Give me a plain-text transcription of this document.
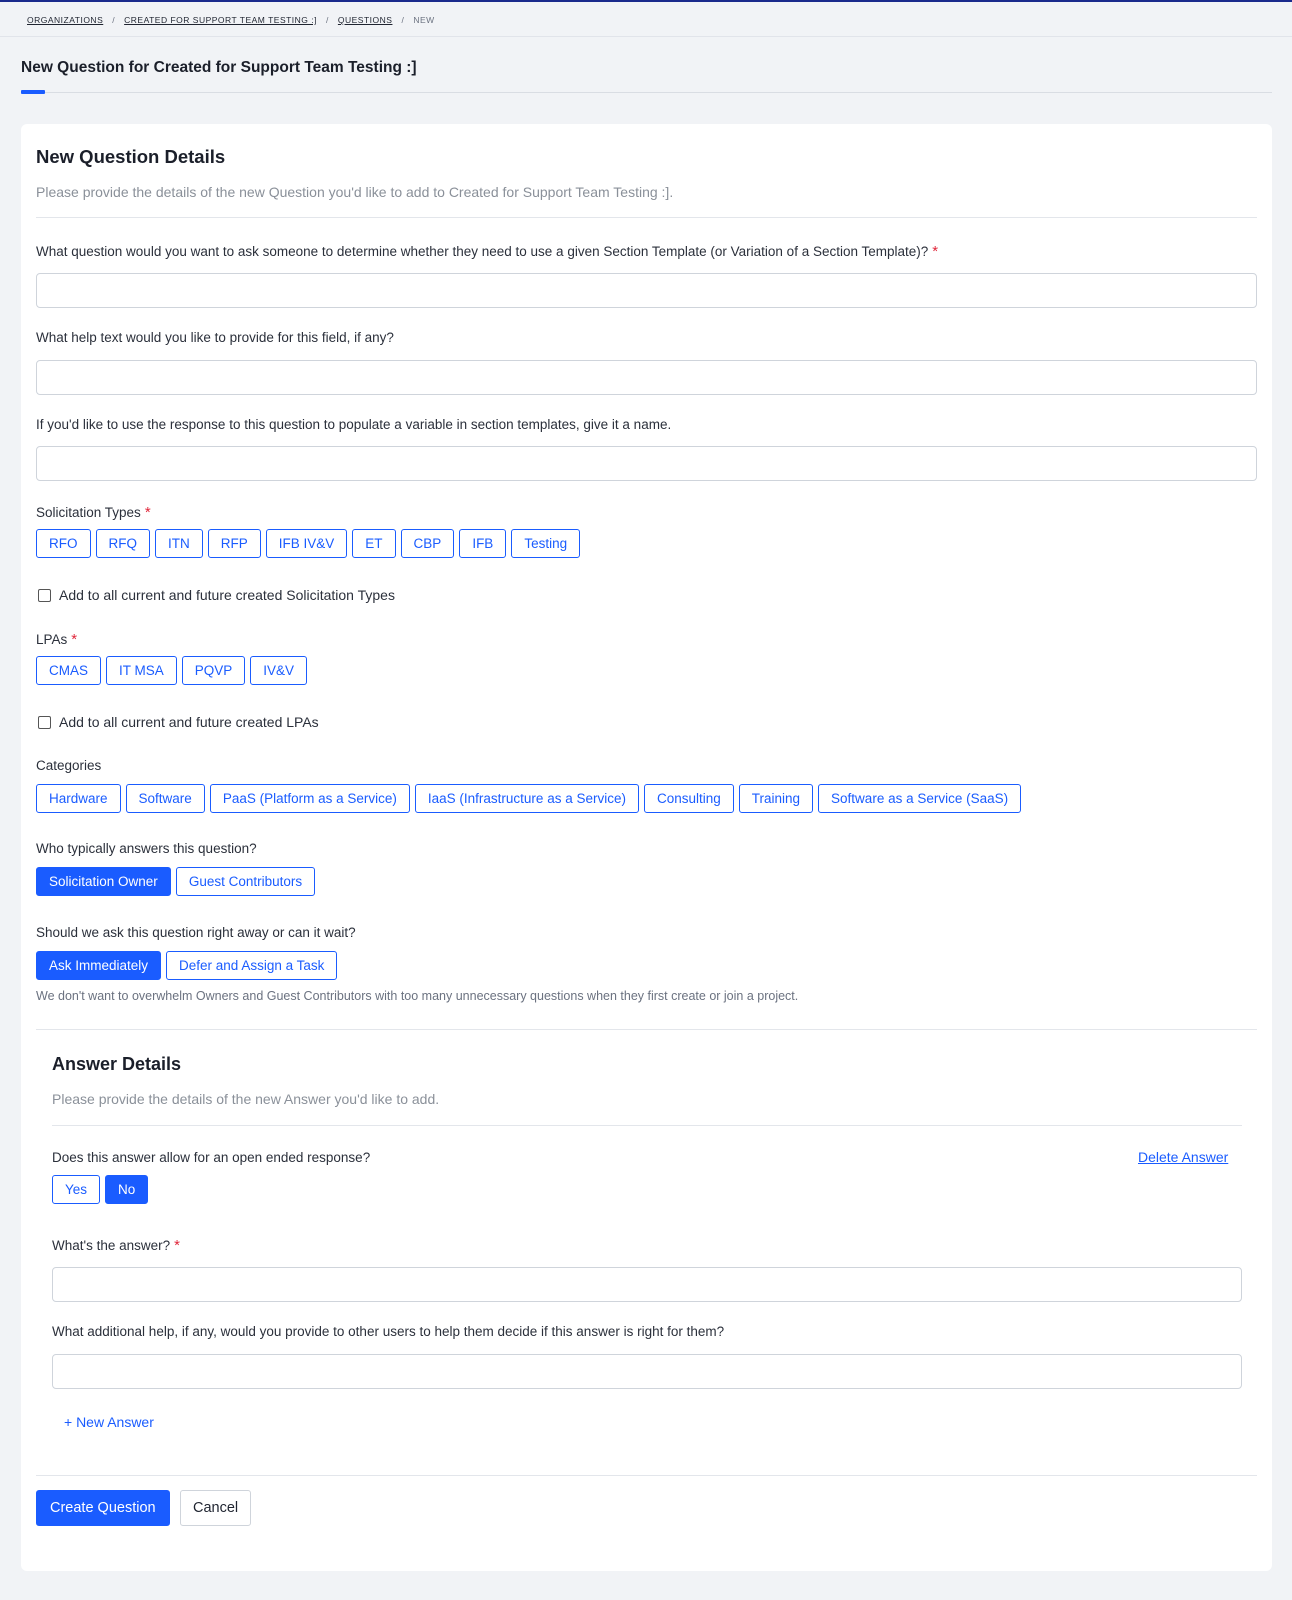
ORGANIZATIONS / CREATED FOR SUPPORT TEAM TESTING :] / QUESTIONS / NEW
New Question for Created for Support Team Testing :]
New Question Details

Please provide the details of the new Question you'd like to add to Created for Support Team Testing :].

What question would you want to ask someone to determine whether they need to use a given Section Template (or Variation of a Section Template)? *
What help text would you like to provide for this field, if any?
If you'd like to use the response to this question to populate a variable in section templates, give it a name.
Solicitation Types *
RFO	RFQ	ITN	RFP	IFB IV&V	ET	CBP	IFB	Testing
Add to all current and future created Solicitation Types
LPAs *
CMAS	IT MSA	PQVP	IV&V
Add to all current and future created LPAs
Categories
Hardware	Software	PaaS (Platform as a Service)	IaaS (Infrastructure as a Service)	Consulting	Training	Software as a Service (SaaS)
Who typically answers this question?
Solicitation Owner	Guest Contributors
Should we ask this question right away or can it wait?
Ask Immediately	Defer and Assign a Task

We don't want to overwhelm Owners and Guest Contributors with too many unnecessary questions when they first create or join a project.

Answer Details

Please provide the details of the new Answer you'd like to add.

Does this answer allow for an open ended response?	Delete Answer
Yes	No
What's the answer? *
What additional help, if any, would you provide to other users to help them decide if this answer is right for them?
+ New Answer
Create Question	Cancel
